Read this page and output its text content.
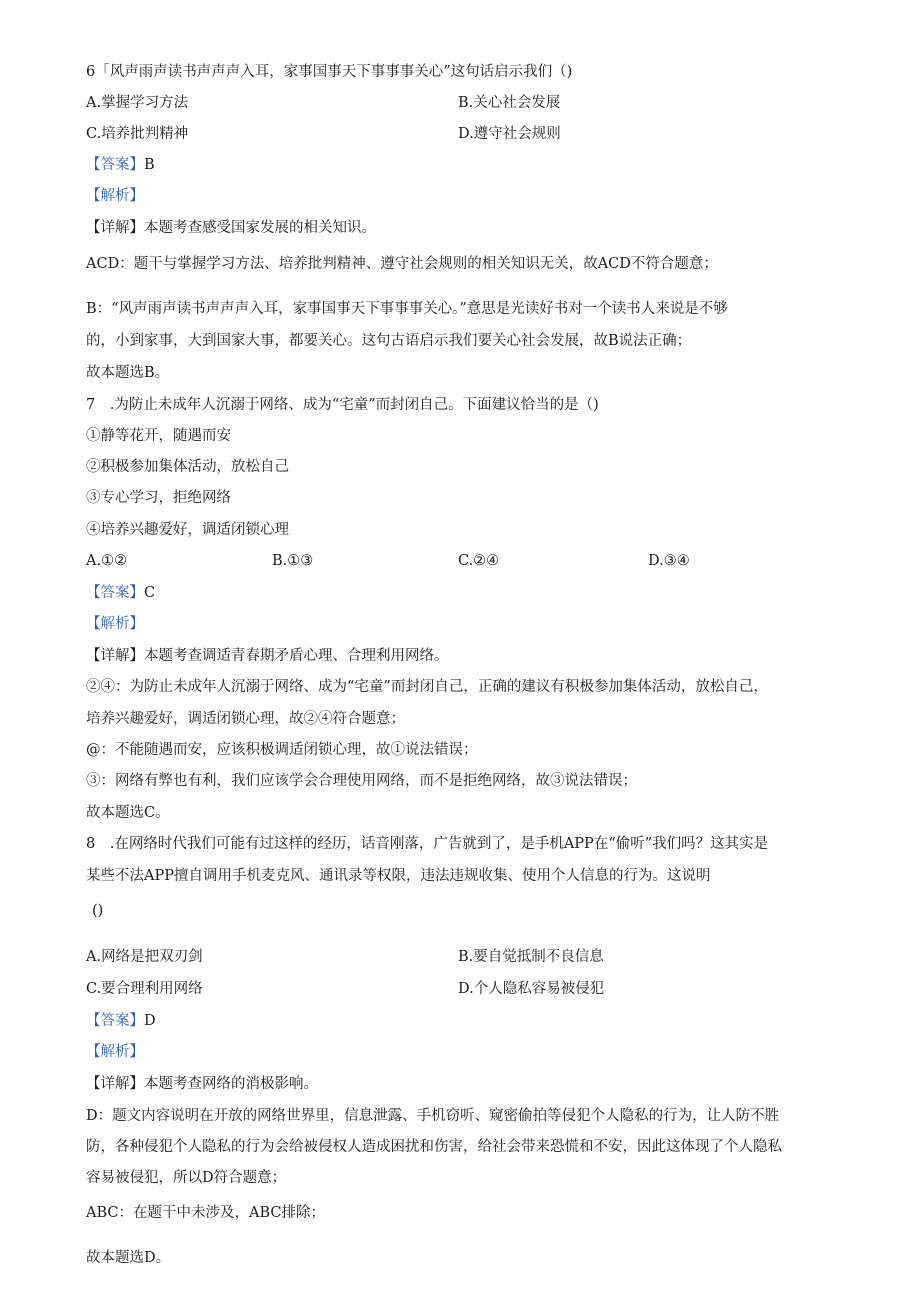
6「风声雨声读书声声声入耳，家事国事天下事事事关心”这句话启示我们（)
A.掌握学习方法	B.关心社会发展
C.培养批判精神	D.遵守社会规则
【答案】B
【解析】
【详解】本题考查感受国家发展的相关知识。
ACD：题干与掌握学习方法、培养批判精神、遵守社会规则的相关知识无关，故ACD不符合题意；
B：“风声雨声读书声声声入耳，家事国事天下事事事关心。”意思是光读好书对一个读书人来说是不够
的，小到家事，大到国家大事，都要关心。这句古语启示我们要关心社会发展，故B说法正确；
故本题选B。
7　.为防止未成年人沉溺于网络、成为“宅童”而封闭自己。下面建议恰当的是（)
①静等花开，随遇而安
②积极参加集体活动，放松自己
③专心学习，拒绝网络
④培养兴趣爱好，调适闭锁心理
A.①②	B.①③	C.②④	D.③④
【答案】C
【解析】
【详解】本题考查调适青春期矛盾心理、合理利用网络。
②④：为防止未成年人沉溺于网络、成为“宅童”而封闭自己，正确的建议有积极参加集体活动，放松自己，
培养兴趣爱好，调适闭锁心理，故②④符合题意；
@：不能随遇而安，应该积极调适闭锁心理，故①说法错误；
③：网络有弊也有利，我们应该学会合理使用网络，而不是拒绝网络，故③说法错误；
故本题选C。
8　.在网络时代我们可能有过这样的经历，话音刚落，广告就到了，是手机APP在“偷听”我们吗？这其实是
某些不法APP擅自调用手机麦克风、通讯录等权限，违法违规收集、使用个人信息的行为。这说明
()
A.网络是把双刃剑	B.要自觉抵制不良信息
C.要合理利用网络	D.个人隐私容易被侵犯
【答案】D
【解析】
【详解】本题考查网络的消极影响。
D：题文内容说明在开放的网络世界里，信息泄露、手机窃听、窥密偷拍等侵犯个人隐私的行为，让人防不胜
防，各种侵犯个人隐私的行为会给被侵权人造成困扰和伤害，给社会带来恐慌和不安，因此这体现了个人隐私
容易被侵犯，所以D符合题意；
ABC：在题干中未涉及，ABC排除；
故本题选D。
